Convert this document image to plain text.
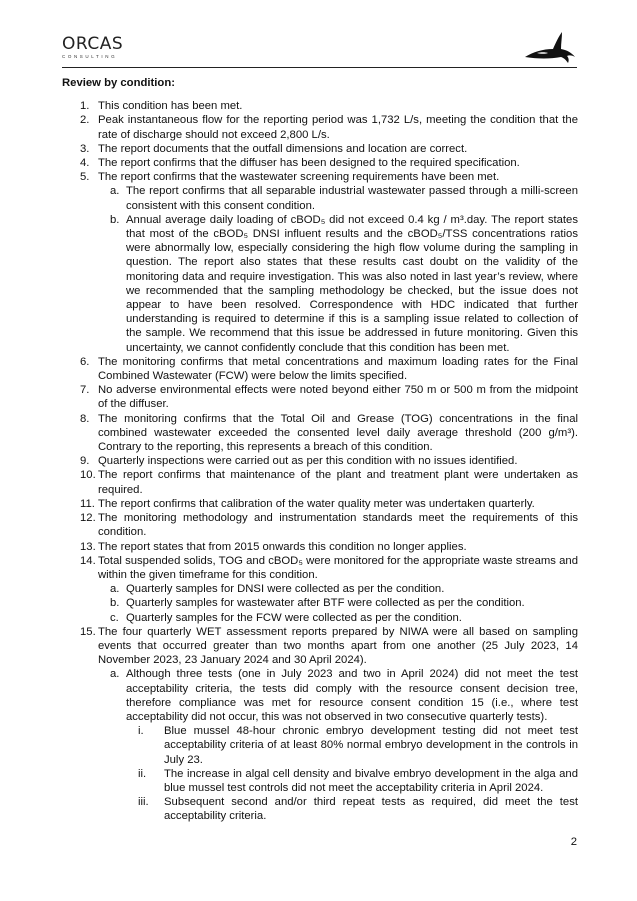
ORCAS
CONSULTING
Review by condition:
1. This condition has been met.
2. Peak instantaneous flow for the reporting period was 1,732 L/s, meeting the condition that the rate of discharge should not exceed 2,800 L/s.
3. The report documents that the outfall dimensions and location are correct.
4. The report confirms that the diffuser has been designed to the required specification.
5. The report confirms that the wastewater screening requirements have been met.
a. The report confirms that all separable industrial wastewater passed through a milli-screen consistent with this consent condition.
b. Annual average daily loading of cBOD₅ did not exceed 0.4 kg / m³.day. The report states that most of the cBOD₅ DNSI influent results and the cBOD₅/TSS concentrations ratios were abnormally low, especially considering the high flow volume during the sampling in question. The report also states that these results cast doubt on the validity of the monitoring data and require investigation. This was also noted in last year’s review, where we recommended that the sampling methodology be checked, but the issue does not appear to have been resolved. Correspondence with HDC indicated that further understanding is required to determine if this is a sampling issue related to collection of the sample. We recommend that this issue be addressed in future monitoring. Given this uncertainty, we cannot confidently conclude that this condition has been met.
6. The monitoring confirms that metal concentrations and maximum loading rates for the Final Combined Wastewater (FCW) were below the limits specified.
7. No adverse environmental effects were noted beyond either 750 m or 500 m from the midpoint of the diffuser.
8. The monitoring confirms that the Total Oil and Grease (TOG) concentrations in the final combined wastewater exceeded the consented level daily average threshold (200 g/m³). Contrary to the reporting, this represents a breach of this condition.
9. Quarterly inspections were carried out as per this condition with no issues identified.
10. The report confirms that maintenance of the plant and treatment plant were undertaken as required.
11. The report confirms that calibration of the water quality meter was undertaken quarterly.
12. The monitoring methodology and instrumentation standards meet the requirements of this condition.
13. The report states that from 2015 onwards this condition no longer applies.
14. Total suspended solids, TOG and cBOD₅ were monitored for the appropriate waste streams and within the given timeframe for this condition.
a. Quarterly samples for DNSI were collected as per the condition.
b. Quarterly samples for wastewater after BTF were collected as per the condition.
c. Quarterly samples for the FCW were collected as per the condition.
15. The four quarterly WET assessment reports prepared by NIWA were all based on sampling events that occurred greater than two months apart from one another (25 July 2023, 14 November 2023, 23 January 2024 and 30 April 2024).
a. Although three tests (one in July 2023 and two in April 2024) did not meet the test acceptability criteria, the tests did comply with the resource consent decision tree, therefore compliance was met for resource consent condition 15 (i.e., where test acceptability did not occur, this was not observed in two consecutive quarterly tests).
i. Blue mussel 48-hour chronic embryo development testing did not meet test acceptability criteria of at least 80% normal embryo development in the controls in July 23.
ii. The increase in algal cell density and bivalve embryo development in the alga and blue mussel test controls did not meet the acceptability criteria in April 2024.
iii. Subsequent second and/or third repeat tests as required, did meet the test acceptability criteria.
2
